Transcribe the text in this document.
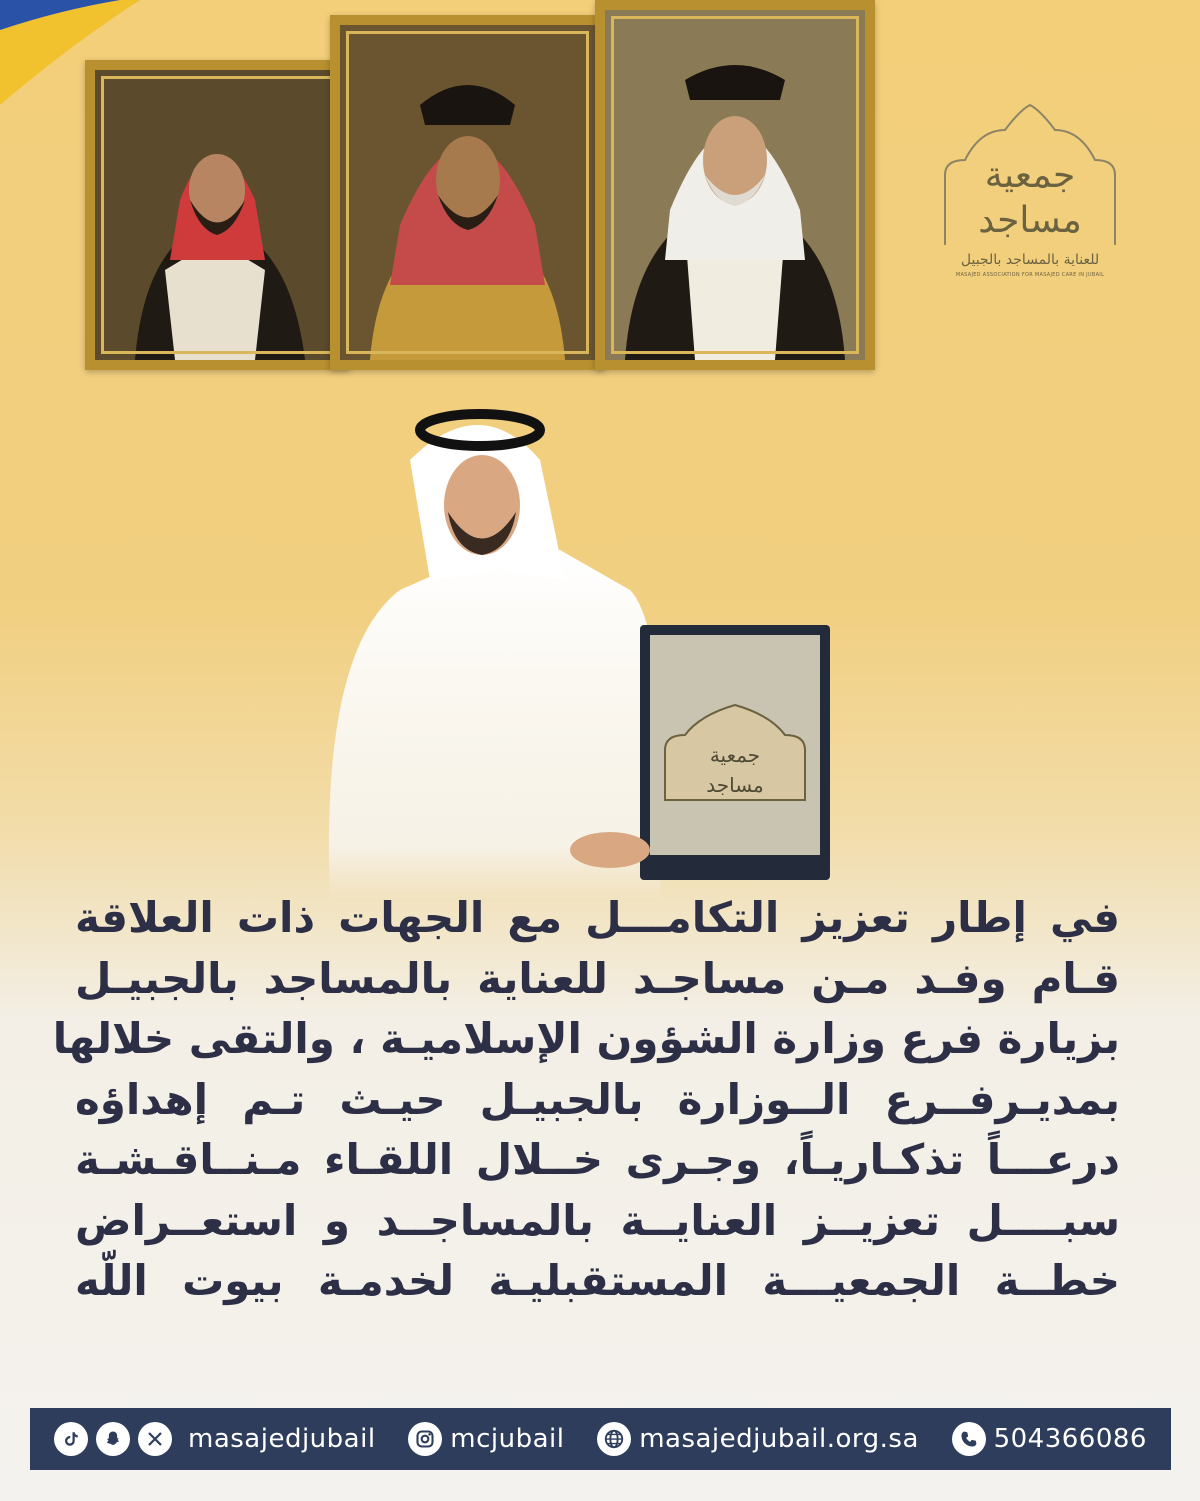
جمعية
مساجد
للعناية بالمساجد بالجبيل
MASAJED ASSOCIATION FOR MASAJED CARE IN JUBAIL
جمعية
مساجد
في إطار تعزيز التكامـــل مع الجهات ذات العلاقة
قـام وفـد مـن مساجـد للعناية بالمساجد بالجبيـل
بزيارة فرع وزارة الشؤون الإسلاميـة ، والتقى خلالها
بمديـرفــرع الــوزارة بالجبيـل حيـث تـم إهداؤه
درعـــاً تذكـاريـاً، وجـرى خــلال اللقـاء مـنــاقـشـة
سبــــل تعزيــز العنايــة بالمساجــد و استعــراض
خطــة الجمعيـــة المستقبليـة لخدمـة بيوت اللّه
masajedjubail	mcjubail	masajedjubail.org.sa	504366086
